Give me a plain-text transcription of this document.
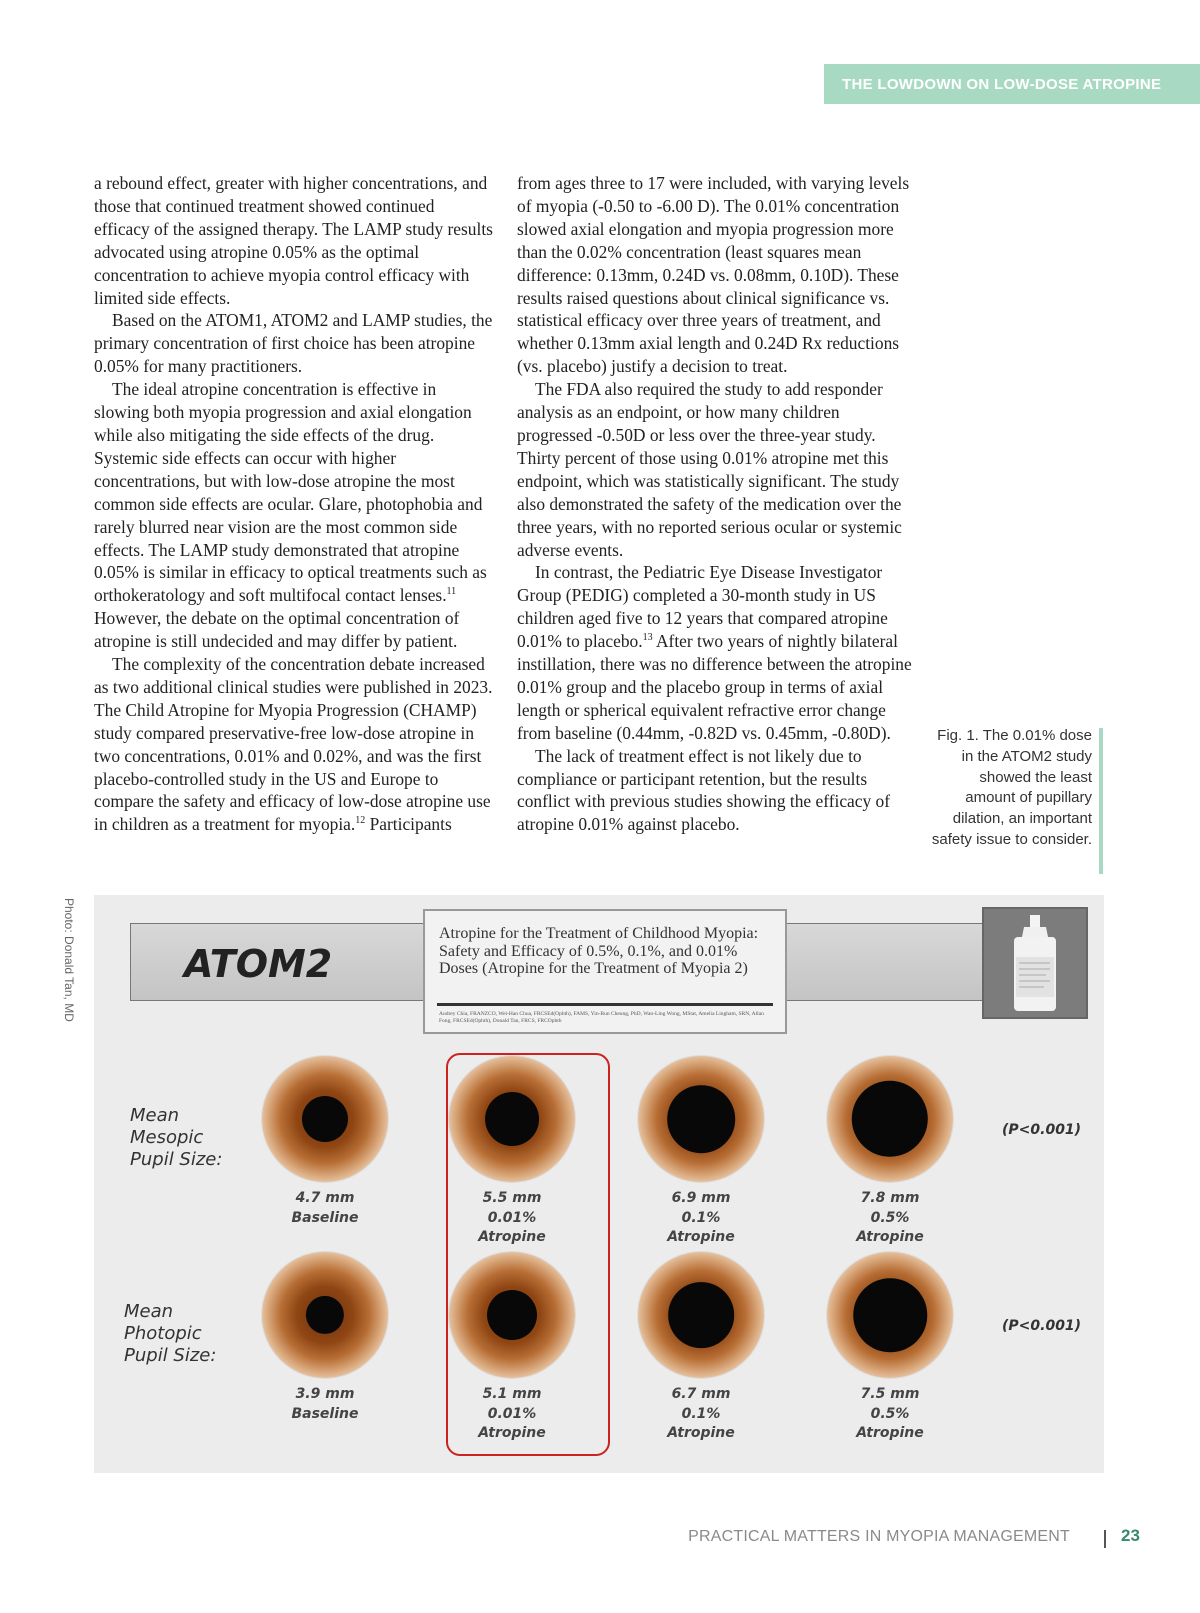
THE LOWDOWN ON LOW-DOSE ATROPINE

a rebound effect, greater with higher concentrations, and those that continued treatment showed continued efficacy of the assigned therapy. The LAMP study results advocated using atropine 0.05% as the optimal concentration to achieve myopia control efficacy with limited side effects.

Based on the ATOM1, ATOM2 and LAMP studies, the primary concentration of first choice has been atropine 0.05% for many practitioners.

The ideal atropine concentration is effective in slowing both myopia progression and axial elongation while also mitigating the side effects of the drug. Systemic side effects can occur with higher concentrations, but with low-dose atropine the most common side effects are ocular. Glare, photophobia and rarely blurred near vision are the most common side effects. The LAMP study demonstrated that atropine 0.05% is similar in efficacy to optical treatments such as orthokeratology and soft multifocal contact lenses.$^{11}$ However, the debate on the optimal concentration of atropine is still undecided and may differ by patient.

The complexity of the concentration debate increased as two additional clinical studies were published in 2023. The Child Atropine for Myopia Progression (CHAMP) study compared preservative-free low-dose atropine in two concentrations, 0.01% and 0.02%, and was the first placebo-controlled study in the US and Europe to compare the safety and efficacy of low-dose atropine use in children as a treatment for myopia.$^{12}$ Participants

from ages three to 17 were included, with varying levels of myopia (-0.50 to -6.00 D). The 0.01% concentration slowed axial elongation and myopia progression more than the 0.02% concentration (least squares mean difference: 0.13mm, 0.24D vs. 0.08mm, 0.10D). These results raised questions about clinical significance vs. statistical efficacy over three years of treatment, and whether 0.13mm axial length and 0.24D Rx reductions (vs. placebo) justify a decision to treat.

The FDA also required the study to add responder analysis as an endpoint, or how many children progressed -0.50D or less over the three-year study. Thirty percent of those using 0.01% atropine met this endpoint, which was statistically significant. The study also demonstrated the safety of the medication over the three years, with no reported serious ocular or systemic adverse events.

In contrast, the Pediatric Eye Disease Investigator Group (PEDIG) completed a 30-month study in US children aged five to 12 years that compared atropine 0.01% to placebo.$^{13}$ After two years of nightly bilateral instillation, there was no difference between the atropine 0.01% group and the placebo group in terms of axial length or spherical equivalent refractive error change from baseline (0.44mm, -0.82D vs. 0.45mm, -0.80D).

The lack of treatment effect is not likely due to compliance or participant retention, but the results conflict with previous studies showing the efficacy of atropine 0.01% against placebo.

Fig. 1. The 0.01% dose in the ATOM2 study showed the least amount of pupillary dilation, an important safety issue to consider.
Photo: Donald Tan, MD	ATOM2
Atropine for the Treatment of Childhood Myopia: Safety and Efficacy of 0.5%, 0.1%, and 0.01% Doses (Atropine for the Treatment of Myopia 2)
Audrey Chia, FRANZCO, Wei-Han Chua, FRCSEd(Ophth), FAMS, Yin-Bun Cheung, PhD, Wan-Ling Wong, MStat, Amelia Lingham, SRN, Allan Fong, FRCSEd(Ophth), Donald Tan, FRCS, FRCOphth
Mean
Mesopic
Pupil Size:
(P<0.001)
Mean
Photopic
Pupil Size:
(P<0.001)
4.7 mm
Baseline
5.5 mm
0.01%
Atropine
6.9 mm
0.1%
Atropine
7.8 mm
0.5%
Atropine
3.9 mm
Baseline
5.1 mm
0.01%
Atropine
6.7 mm
0.1%
Atropine
7.5 mm
0.5%
Atropine
PRACTICAL MATTERS IN MYOPIA MANAGEMENT	23
